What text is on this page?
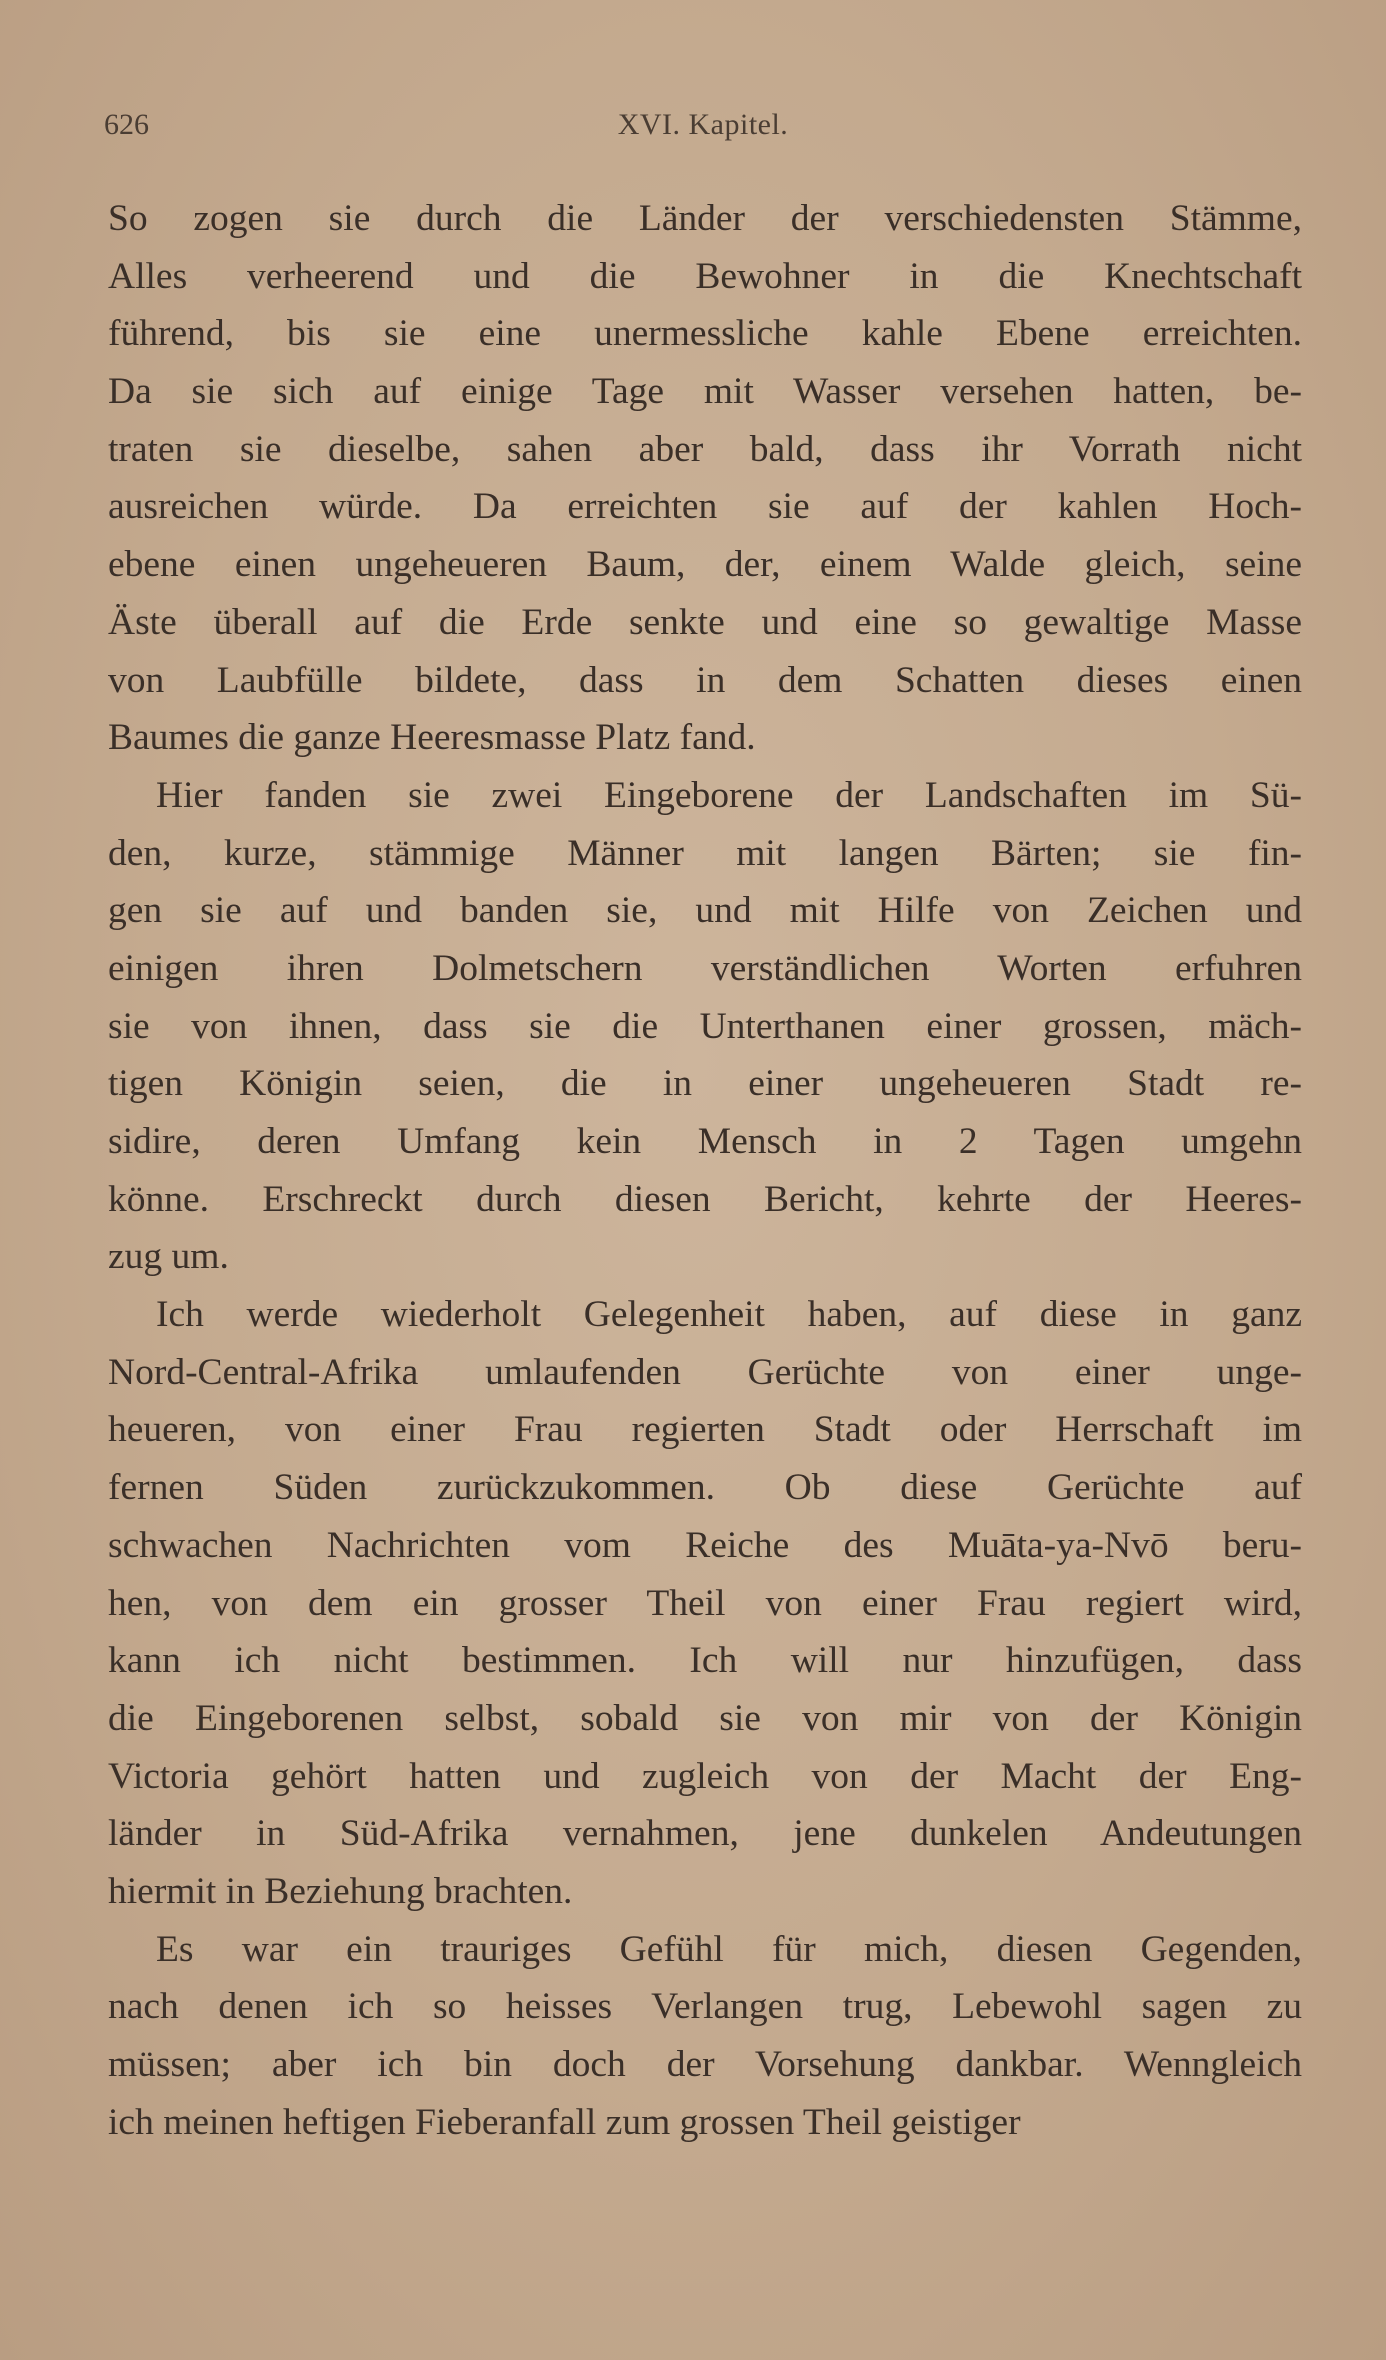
626	XVI. Kapitel.

So zogen sie durch die Länder der verschiedensten Stämme,
Alles verheerend und die Bewohner in die Knechtschaft
führend, bis sie eine unermessliche kahle Ebene erreichten.
Da sie sich auf einige Tage mit Wasser versehen hatten, be-
traten sie dieselbe, sahen aber bald, dass ihr Vorrath nicht
ausreichen würde. Da erreichten sie auf der kahlen Hoch-
ebene einen ungeheueren Baum, der, einem Walde gleich, seine
Äste überall auf die Erde senkte und eine so gewaltige Masse
von Laubfülle bildete, dass in dem Schatten dieses einen
Baumes die ganze Heeresmasse Platz fand.

Hier fanden sie zwei Eingeborene der Landschaften im Sü-
den, kurze, stämmige Männer mit langen Bärten; sie fin-
gen sie auf und banden sie, und mit Hilfe von Zeichen und
einigen ihren Dolmetschern verständlichen Worten erfuhren
sie von ihnen, dass sie die Unterthanen einer grossen, mäch-
tigen Königin seien, die in einer ungeheueren Stadt re-
sidire, deren Umfang kein Mensch in 2 Tagen umgehn
könne. Erschreckt durch diesen Bericht, kehrte der Heeres-
zug um.

Ich werde wiederholt Gelegenheit haben, auf diese in ganz
Nord-Central-Afrika umlaufenden Gerüchte von einer unge-
heueren, von einer Frau regierten Stadt oder Herrschaft im
fernen Süden zurückzukommen. Ob diese Gerüchte auf
schwachen Nachrichten vom Reiche des Muāta-ya-Nvō beru-
hen, von dem ein grosser Theil von einer Frau regiert wird,
kann ich nicht bestimmen. Ich will nur hinzufügen, dass
die Eingeborenen selbst, sobald sie von mir von der Königin
Victoria gehört hatten und zugleich von der Macht der Eng-
länder in Süd-Afrika vernahmen, jene dunkelen Andeutungen
hiermit in Beziehung brachten.

Es war ein trauriges Gefühl für mich, diesen Gegenden,
nach denen ich so heisses Verlangen trug, Lebewohl sagen zu
müssen; aber ich bin doch der Vorsehung dankbar. Wenngleich
ich meinen heftigen Fieberanfall zum grossen Theil geistiger
